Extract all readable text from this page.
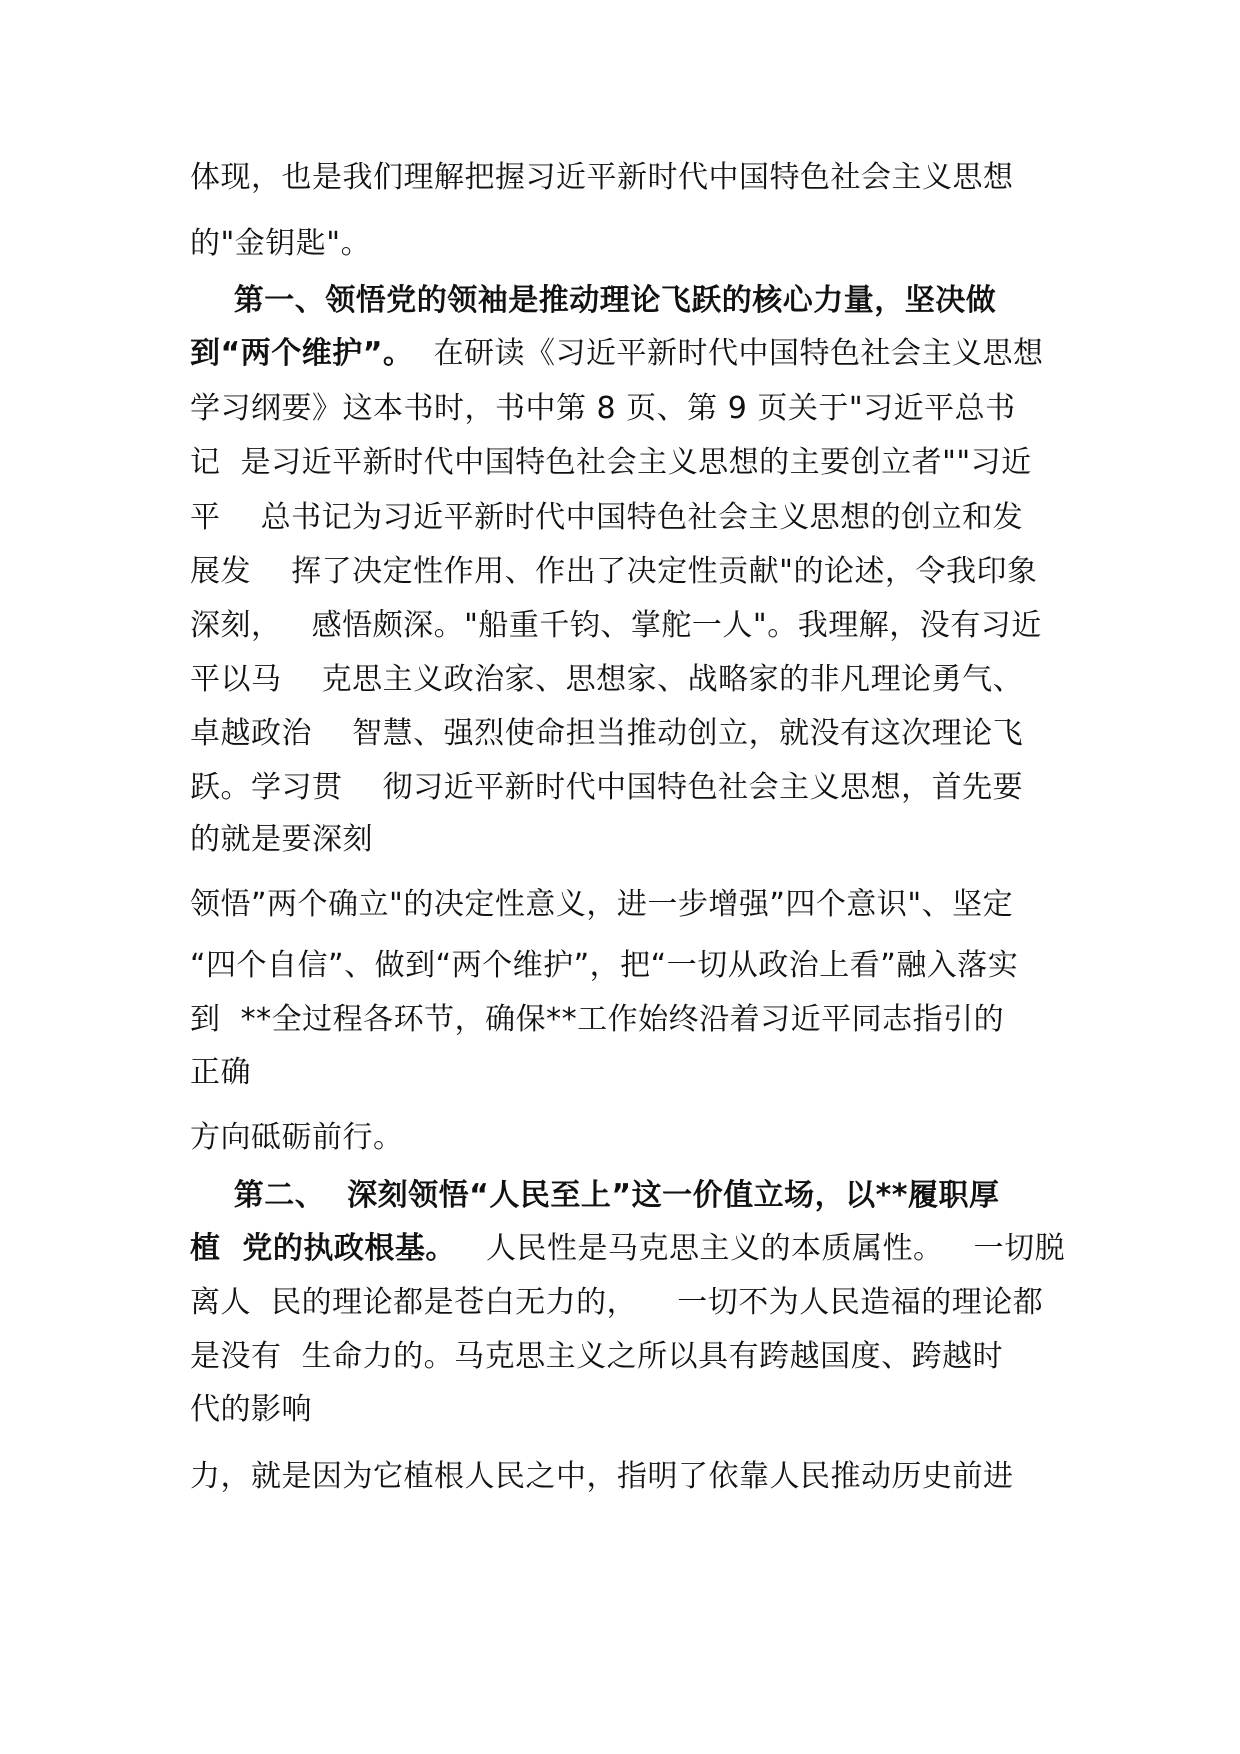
体现，也是我们理解把握习近平新时代中国特色社会主义思想
的"金钥匙"。
第一、领悟党的领袖是推动理论飞跃的核心力量，坚决做
到“两个维护”。  在研读《习近平新时代中国特色社会主义思想
学习纲要》这本书时，书中第 8 页、第 9 页关于"习近平总书
记  是习近平新时代中国特色社会主义思想的主要创立者""习近
平    总书记为习近平新时代中国特色社会主义思想的创立和发
展发    挥了决定性作用、作出了决定性贡献"的论述，令我印象
深刻，   感悟颇深。"船重千钧、掌舵一人"。我理解，没有习近
平以马    克思主义政治家、思想家、战略家的非凡理论勇气、
卓越政治    智慧、强烈使命担当推动创立，就没有这次理论飞
跃。学习贯    彻习近平新时代中国特色社会主义思想，首先要
的就是要深刻
领悟”两个确立"的决定性意义，进一步增强”四个意识"、坚定
“四个自信”、做到“两个维护”，把“一切从政治上看”融入落实
到  **全过程各环节，确保**工作始终沿着习近平同志指引的
正确
方向砥砺前行。
第二、  深刻领悟“人民至上”这一价值立场，以**履职厚
植  党的执政根基。   人民性是马克思主义的本质属性。   一切脱
离人  民的理论都是苍白无力的，    一切不为人民造福的理论都
是没有  生命力的。马克思主义之所以具有跨越国度、跨越时
代的影响
力，就是因为它植根人民之中，指明了依靠人民推动历史前进
